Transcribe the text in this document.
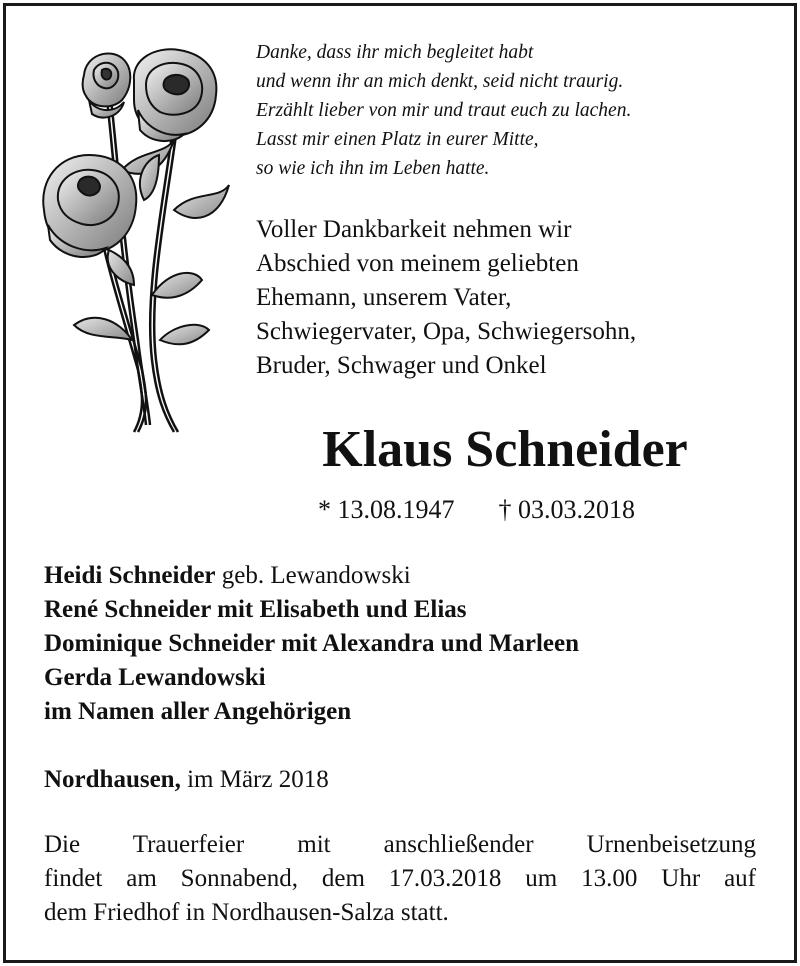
Danke, dass ihr mich begleitet habt
und wenn ihr an mich denkt, seid nicht traurig.
Erzählt lieber von mir und traut euch zu lachen.
Lasst mir einen Platz in eurer Mitte,
so wie ich ihn im Leben hatte.
Voller Dankbarkeit nehmen wir
Abschied von meinem geliebten
Ehemann, unserem Vater,
Schwiegervater, Opa, Schwiegersohn,
Bruder, Schwager und Onkel
Klaus Schneider
* 13.08.1947 † 03.03.2018
Heidi Schneider geb. Lewandowski
René Schneider mit Elisabeth und Elias
Dominique Schneider mit Alexandra und Marleen
Gerda Lewandowski
im Namen aller Angehörigen
Nordhausen, im März 2018
Die Trauerfeier mit anschließender Urnenbeisetzung
findet am Sonnabend, dem 17.03.2018 um 13.00 Uhr auf
dem Friedhof in Nordhausen-Salza statt.
